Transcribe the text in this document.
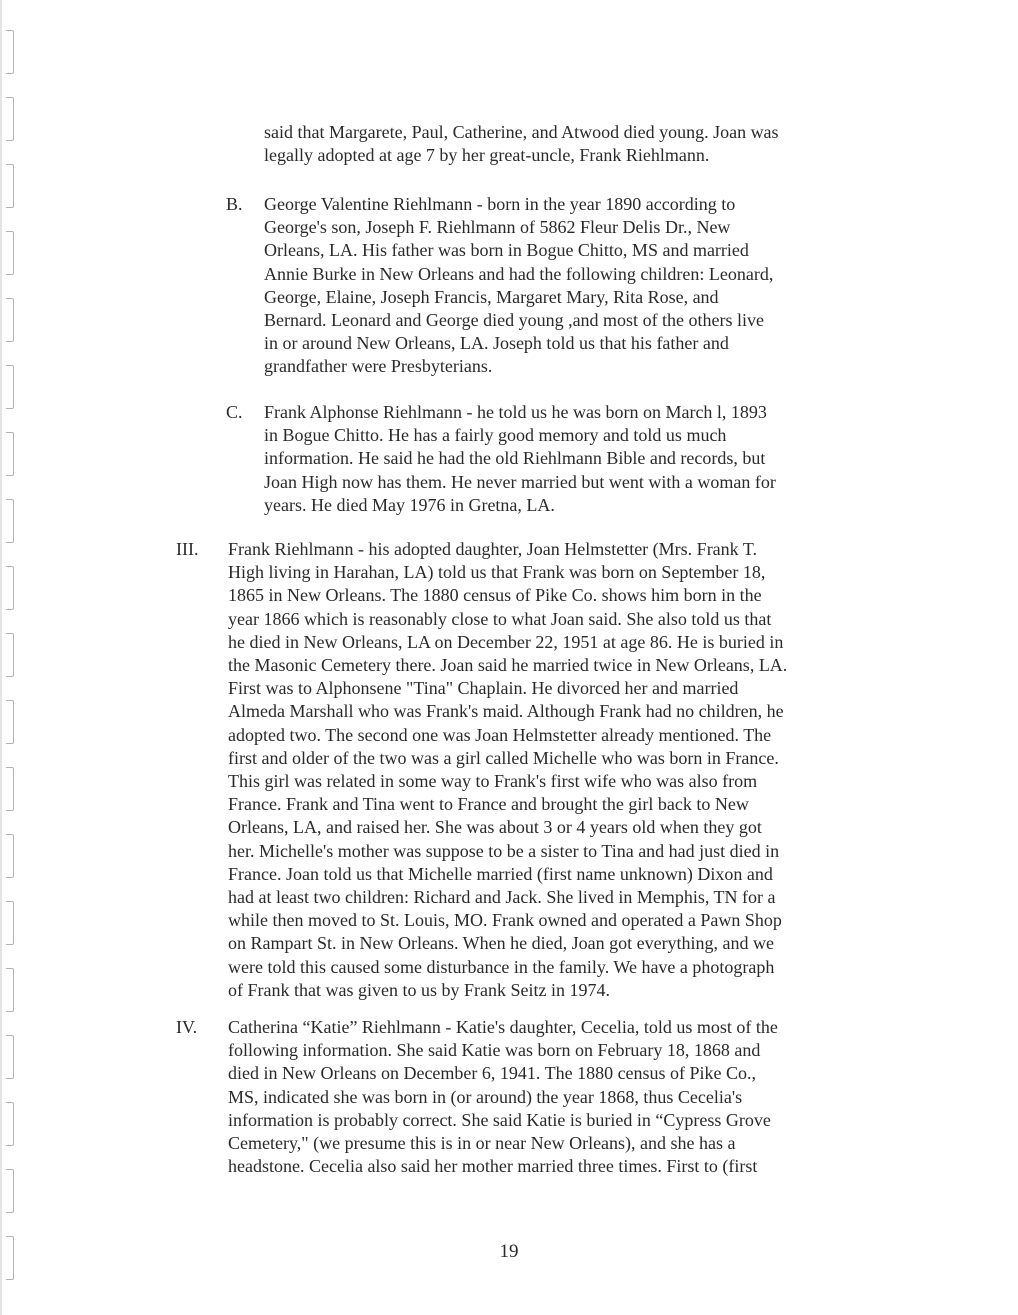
said that Margarete, Paul, Catherine, and Atwood died young. Joan was

legally adopted at age 7 by her great-uncle, Frank Riehlmann.

B. George Valentine Riehlmann - born in the year 1890 according to

George's son, Joseph F. Riehlmann of 5862 Fleur Delis Dr., New

Orleans, LA. His father was born in Bogue Chitto, MS and married

Annie Burke in New Orleans and had the following children: Leonard,

George, Elaine, Joseph Francis, Margaret Mary, Rita Rose, and

Bernard. Leonard and George died young ,and most of the others live

in or around New Orleans, LA. Joseph told us that his father and

grandfather were Presbyterians.

C. Frank Alphonse Riehlmann - he told us he was born on March l, 1893

in Bogue Chitto. He has a fairly good memory and told us much

information. He said he had the old Riehlmann Bible and records, but

Joan High now has them. He never married but went with a woman for

years. He died May 1976 in Gretna, LA.

III. Frank Riehlmann - his adopted daughter, Joan Helmstetter (Mrs. Frank T.

High living in Harahan, LA) told us that Frank was born on September 18,

1865 in New Orleans. The 1880 census of Pike Co. shows him born in the

year 1866 which is reasonably close to what Joan said. She also told us that

he died in New Orleans, LA on December 22, 1951 at age 86. He is buried in

the Masonic Cemetery there. Joan said he married twice in New Orleans, LA.

First was to Alphonsene "Tina" Chaplain. He divorced her and married

Almeda Marshall who was Frank's maid. Although Frank had no children, he

adopted two. The second one was Joan Helmstetter already mentioned. The

first and older of the two was a girl called Michelle who was born in France.

This girl was related in some way to Frank's first wife who was also from

France. Frank and Tina went to France and brought the girl back to New

Orleans, LA, and raised her. She was about 3 or 4 years old when they got

her. Michelle's mother was suppose to be a sister to Tina and had just died in

France. Joan told us that Michelle married (first name unknown) Dixon and

had at least two children: Richard and Jack. She lived in Memphis, TN for a

while then moved to St. Louis, MO. Frank owned and operated a Pawn Shop

on Rampart St. in New Orleans. When he died, Joan got everything, and we

were told this caused some disturbance in the family. We have a photograph

of Frank that was given to us by Frank Seitz in 1974.

IV. Catherina “Katie” Riehlmann - Katie's daughter, Cecelia, told us most of the

following information. She said Katie was born on February 18, 1868 and

died in New Orleans on December 6, 1941. The 1880 census of Pike Co.,

MS, indicated she was born in (or around) the year 1868, thus Cecelia's

information is probably correct. She said Katie is buried in “Cypress Grove

Cemetery," (we presume this is in or near New Orleans), and she has a

headstone. Cecelia also said her mother married three times. First to (first

19
